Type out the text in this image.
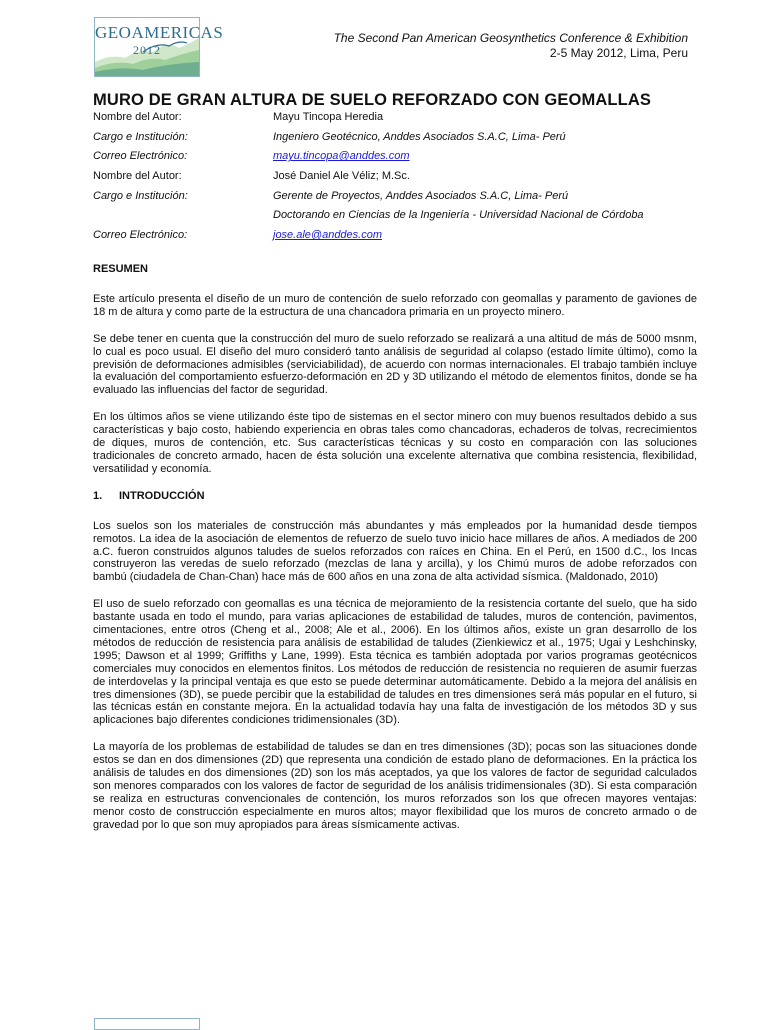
GEOAMERICAS
2012
The Second Pan American Geosynthetics Conference & Exhibition
2-5 May 2012, Lima, Peru
MURO DE GRAN ALTURA DE SUELO REFORZADO CON GEOMALLAS
Nombre del Autor:	Mayu Tincopa Heredia
Cargo e Institución:	Ingeniero Geotécnico, Anddes Asociados S.A.C, Lima- Perú
Correo Electrónico:	mayu.tincopa@anddes.com
Nombre del Autor:	José Daniel Ale Véliz; M.Sc.
Cargo e Institución:	Gerente de Proyectos, Anddes Asociados S.A.C, Lima- Perú
Doctorando en Ciencias de la Ingeniería - Universidad Nacional de Córdoba
Correo Electrónico:	jose.ale@anddes.com
RESUMEN

Este artículo presenta el diseño de un muro de contención de suelo reforzado con geomallas y paramento de gaviones de 18 m de altura y como parte de la estructura de una chancadora primaria en un proyecto minero.

Se debe tener en cuenta que la construcción del muro de suelo reforzado se realizará a una altitud de más de 5000 msnm, lo cual es poco usual. El diseño del muro consideró tanto análisis de seguridad al colapso (estado límite último), como la previsión de deformaciones admisibles (serviciabilidad), de acuerdo con normas internacionales. El trabajo también incluye la evaluación del comportamiento esfuerzo-deformación en 2D y 3D utilizando el método de elementos finitos, donde se ha evaluado las influencias del factor de seguridad.

En los últimos años se viene utilizando éste tipo de sistemas en el sector minero con muy buenos resultados debido a sus características y bajo costo, habiendo experiencia en obras tales como chancadoras, echaderos de tolvas, recrecimientos de diques, muros de contención, etc. Sus características técnicas y su costo en comparación con las soluciones tradicionales de concreto armado, hacen de ésta solución una excelente alternativa que combina resistencia, flexibilidad, versatilidad y economía.

1. INTRODUCCIÓN

Los suelos son los materiales de construcción más abundantes y más empleados por la humanidad desde tiempos remotos. La idea de la asociación de elementos de refuerzo de suelo tuvo inicio hace millares de años. A mediados de 200 a.C. fueron construidos algunos taludes de suelos reforzados con raíces en China. En el Perú, en 1500 d.C., los Incas construyeron las veredas de suelo reforzado (mezclas de lana y arcilla), y los Chimú muros de adobe reforzados con bambú (ciudadela de Chan-Chan) hace más de 600 años en una zona de alta actividad sísmica. (Maldonado, 2010)

El uso de suelo reforzado con geomallas es una técnica de mejoramiento de la resistencia cortante del suelo, que ha sido bastante usada en todo el mundo, para varias aplicaciones de estabilidad de taludes, muros de contención, pavimentos, cimentaciones, entre otros (Cheng et al., 2008; Ale et al., 2006). En los últimos años, existe un gran desarrollo de los métodos de reducción de resistencia para análisis de estabilidad de taludes (Zienkiewicz et al., 1975; Ugai y Leshchinsky, 1995; Dawson et al 1999; Griffiths y Lane, 1999). Esta técnica es también adoptada por varios programas geotécnicos comerciales muy conocidos en elementos finitos. Los métodos de reducción de resistencia no requieren de asumir fuerzas de interdovelas y la principal ventaja es que esto se puede determinar automáticamente. Debido a la mejora del análisis en tres dimensiones (3D), se puede percibir que la estabilidad de taludes en tres dimensiones será más popular en el futuro, si las técnicas están en constante mejora. En la actualidad todavía hay una falta de investigación de los métodos 3D y sus aplicaciones bajo diferentes condiciones tridimensionales (3D).

La mayoría de los problemas de estabilidad de taludes se dan en tres dimensiones (3D); pocas son las situaciones donde estos se dan en dos dimensiones (2D) que representa una condición de estado plano de deformaciones. En la práctica los análisis de taludes en dos dimensiones (2D) son los más aceptados, ya que los valores de factor de seguridad calculados son menores comparados con los valores de factor de seguridad de los análisis tridimensionales (3D). Si esta comparación se realiza en estructuras convencionales de contención, los muros reforzados son los que ofrecen mayores ventajas: menor costo de construcción especialmente en muros altos; mayor flexibilidad que los muros de concreto armado o de gravedad por lo que son muy apropiados para áreas sísmicamente activas.
